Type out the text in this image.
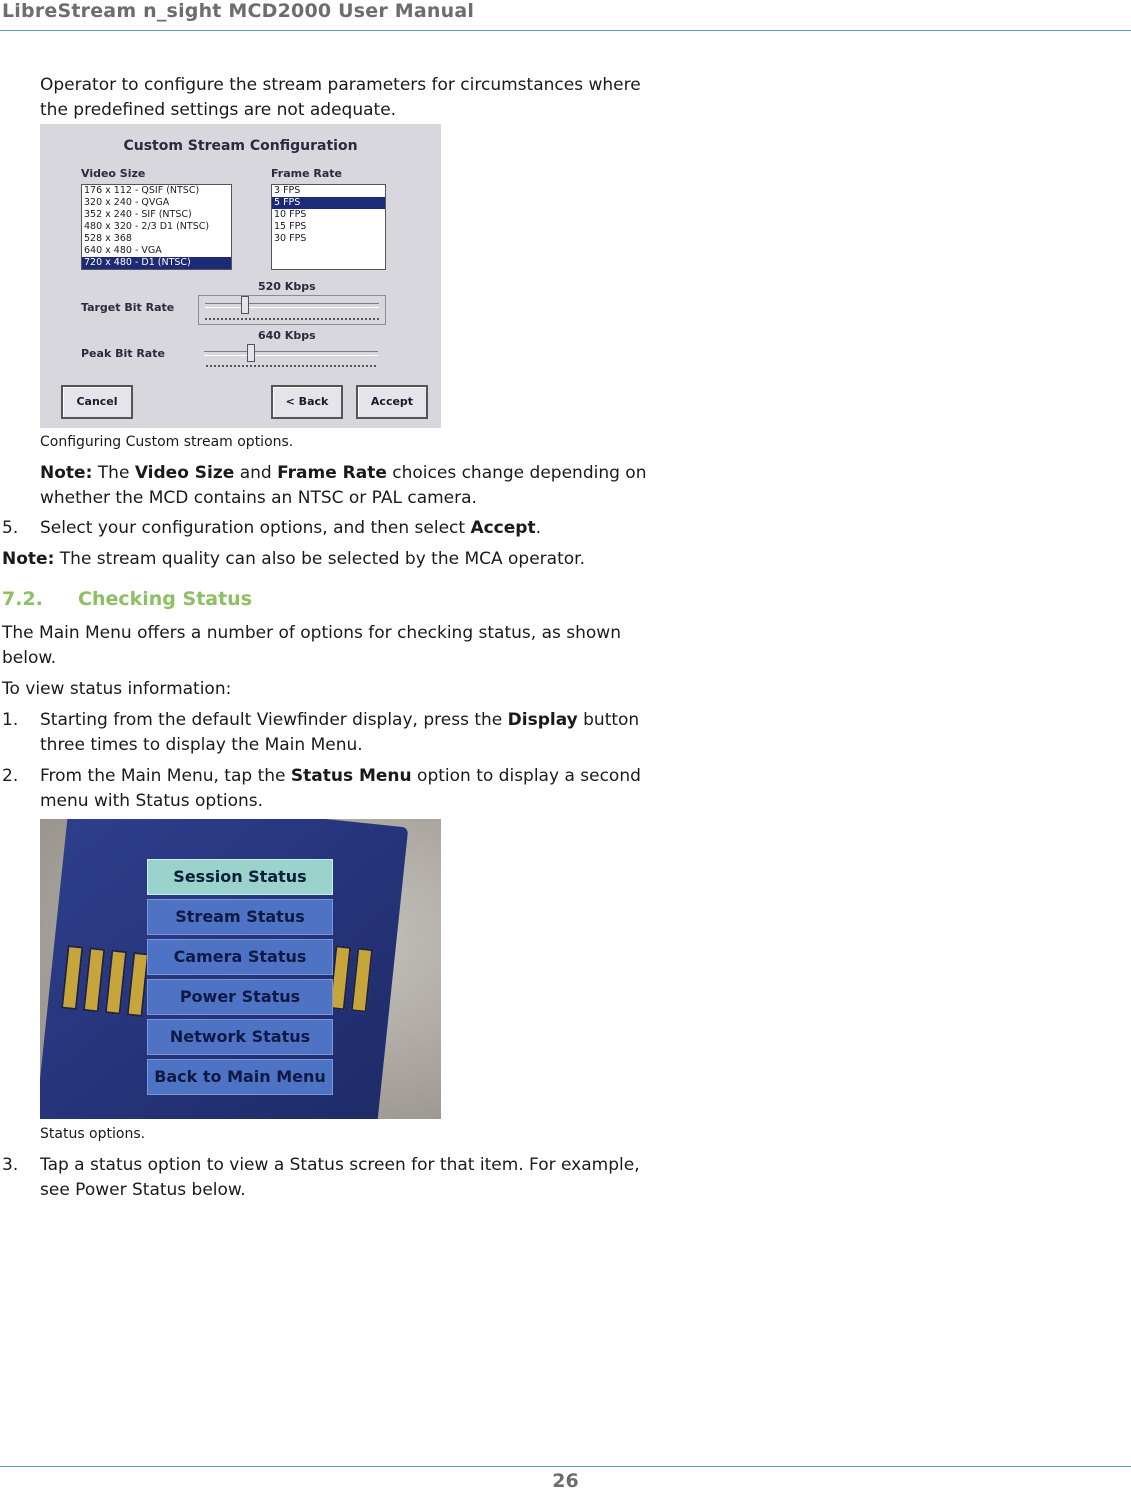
LibreStream n_sight MCD2000 User Manual
Operator to configure the stream parameters for circumstances where
the predefined settings are not adequate.
Custom Stream Configuration
Video Size	Frame Rate
176 x 112 - QSIF (NTSC)
320 x 240 - QVGA
352 x 240 - SIF (NTSC)
480 x 320 - 2/3 D1 (NTSC)
528 x 368
640 x 480 - VGA
720 x 480 - D1 (NTSC)
3 FPS
5 FPS
10 FPS
15 FPS
30 FPS
520 Kbps
Target Bit Rate
640 Kbps
Peak Bit Rate
Cancel	< Back	Accept
Configuring Custom stream options.
Note: The Video Size and Frame Rate choices change depending on
whether the MCD contains an NTSC or PAL camera.
5. Select your configuration options, and then select Accept.
Note: The stream quality can also be selected by the MCA operator.
7.2. Checking Status
The Main Menu offers a number of options for checking status, as shown
below.
To view status information:
1. Starting from the default Viewfinder display, press the Display button
three times to display the Main Menu.
2. From the Main Menu, tap the Status Menu option to display a second
menu with Status options.
Session Status
Stream Status
Camera Status
Power Status
Network Status
Back to Main Menu
Status options.
3. Tap a status option to view a Status screen for that item. For example,
see Power Status below.
26
